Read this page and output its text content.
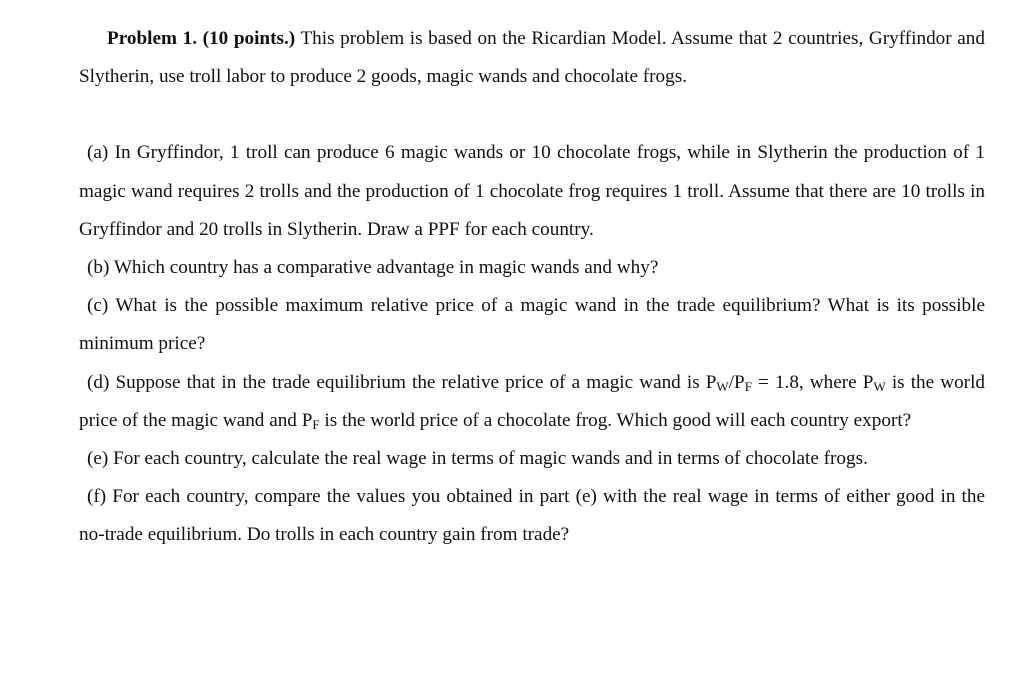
Problem 1. (10 points.) This problem is based on the Ricardian Model. Assume that 2 countries, Gryffindor and Slytherin, use troll labor to produce 2 goods, magic wands and chocolate frogs.

(a) In Gryffindor, 1 troll can produce 6 magic wands or 10 chocolate frogs, while in Slytherin the production of 1 magic wand requires 2 trolls and the production of 1 chocolate frog requires 1 troll. Assume that there are 10 trolls in Gryffindor and 20 trolls in Slytherin. Draw a PPF for each country.

(b) Which country has a comparative advantage in magic wands and why?

(c) What is the possible maximum relative price of a magic wand in the trade equilibrium? What is its possible minimum price?

(d) Suppose that in the trade equilibrium the relative price of a magic wand is $P_W/P_F = 1.8$, where $P_W$ is the world price of the magic wand and $P_F$ is the world price of a chocolate frog. Which good will each country export?

(e) For each country, calculate the real wage in terms of magic wands and in terms of chocolate frogs.

(f) For each country, compare the values you obtained in part (e) with the real wage in terms of either good in the no-trade equilibrium. Do trolls in each country gain from trade?
